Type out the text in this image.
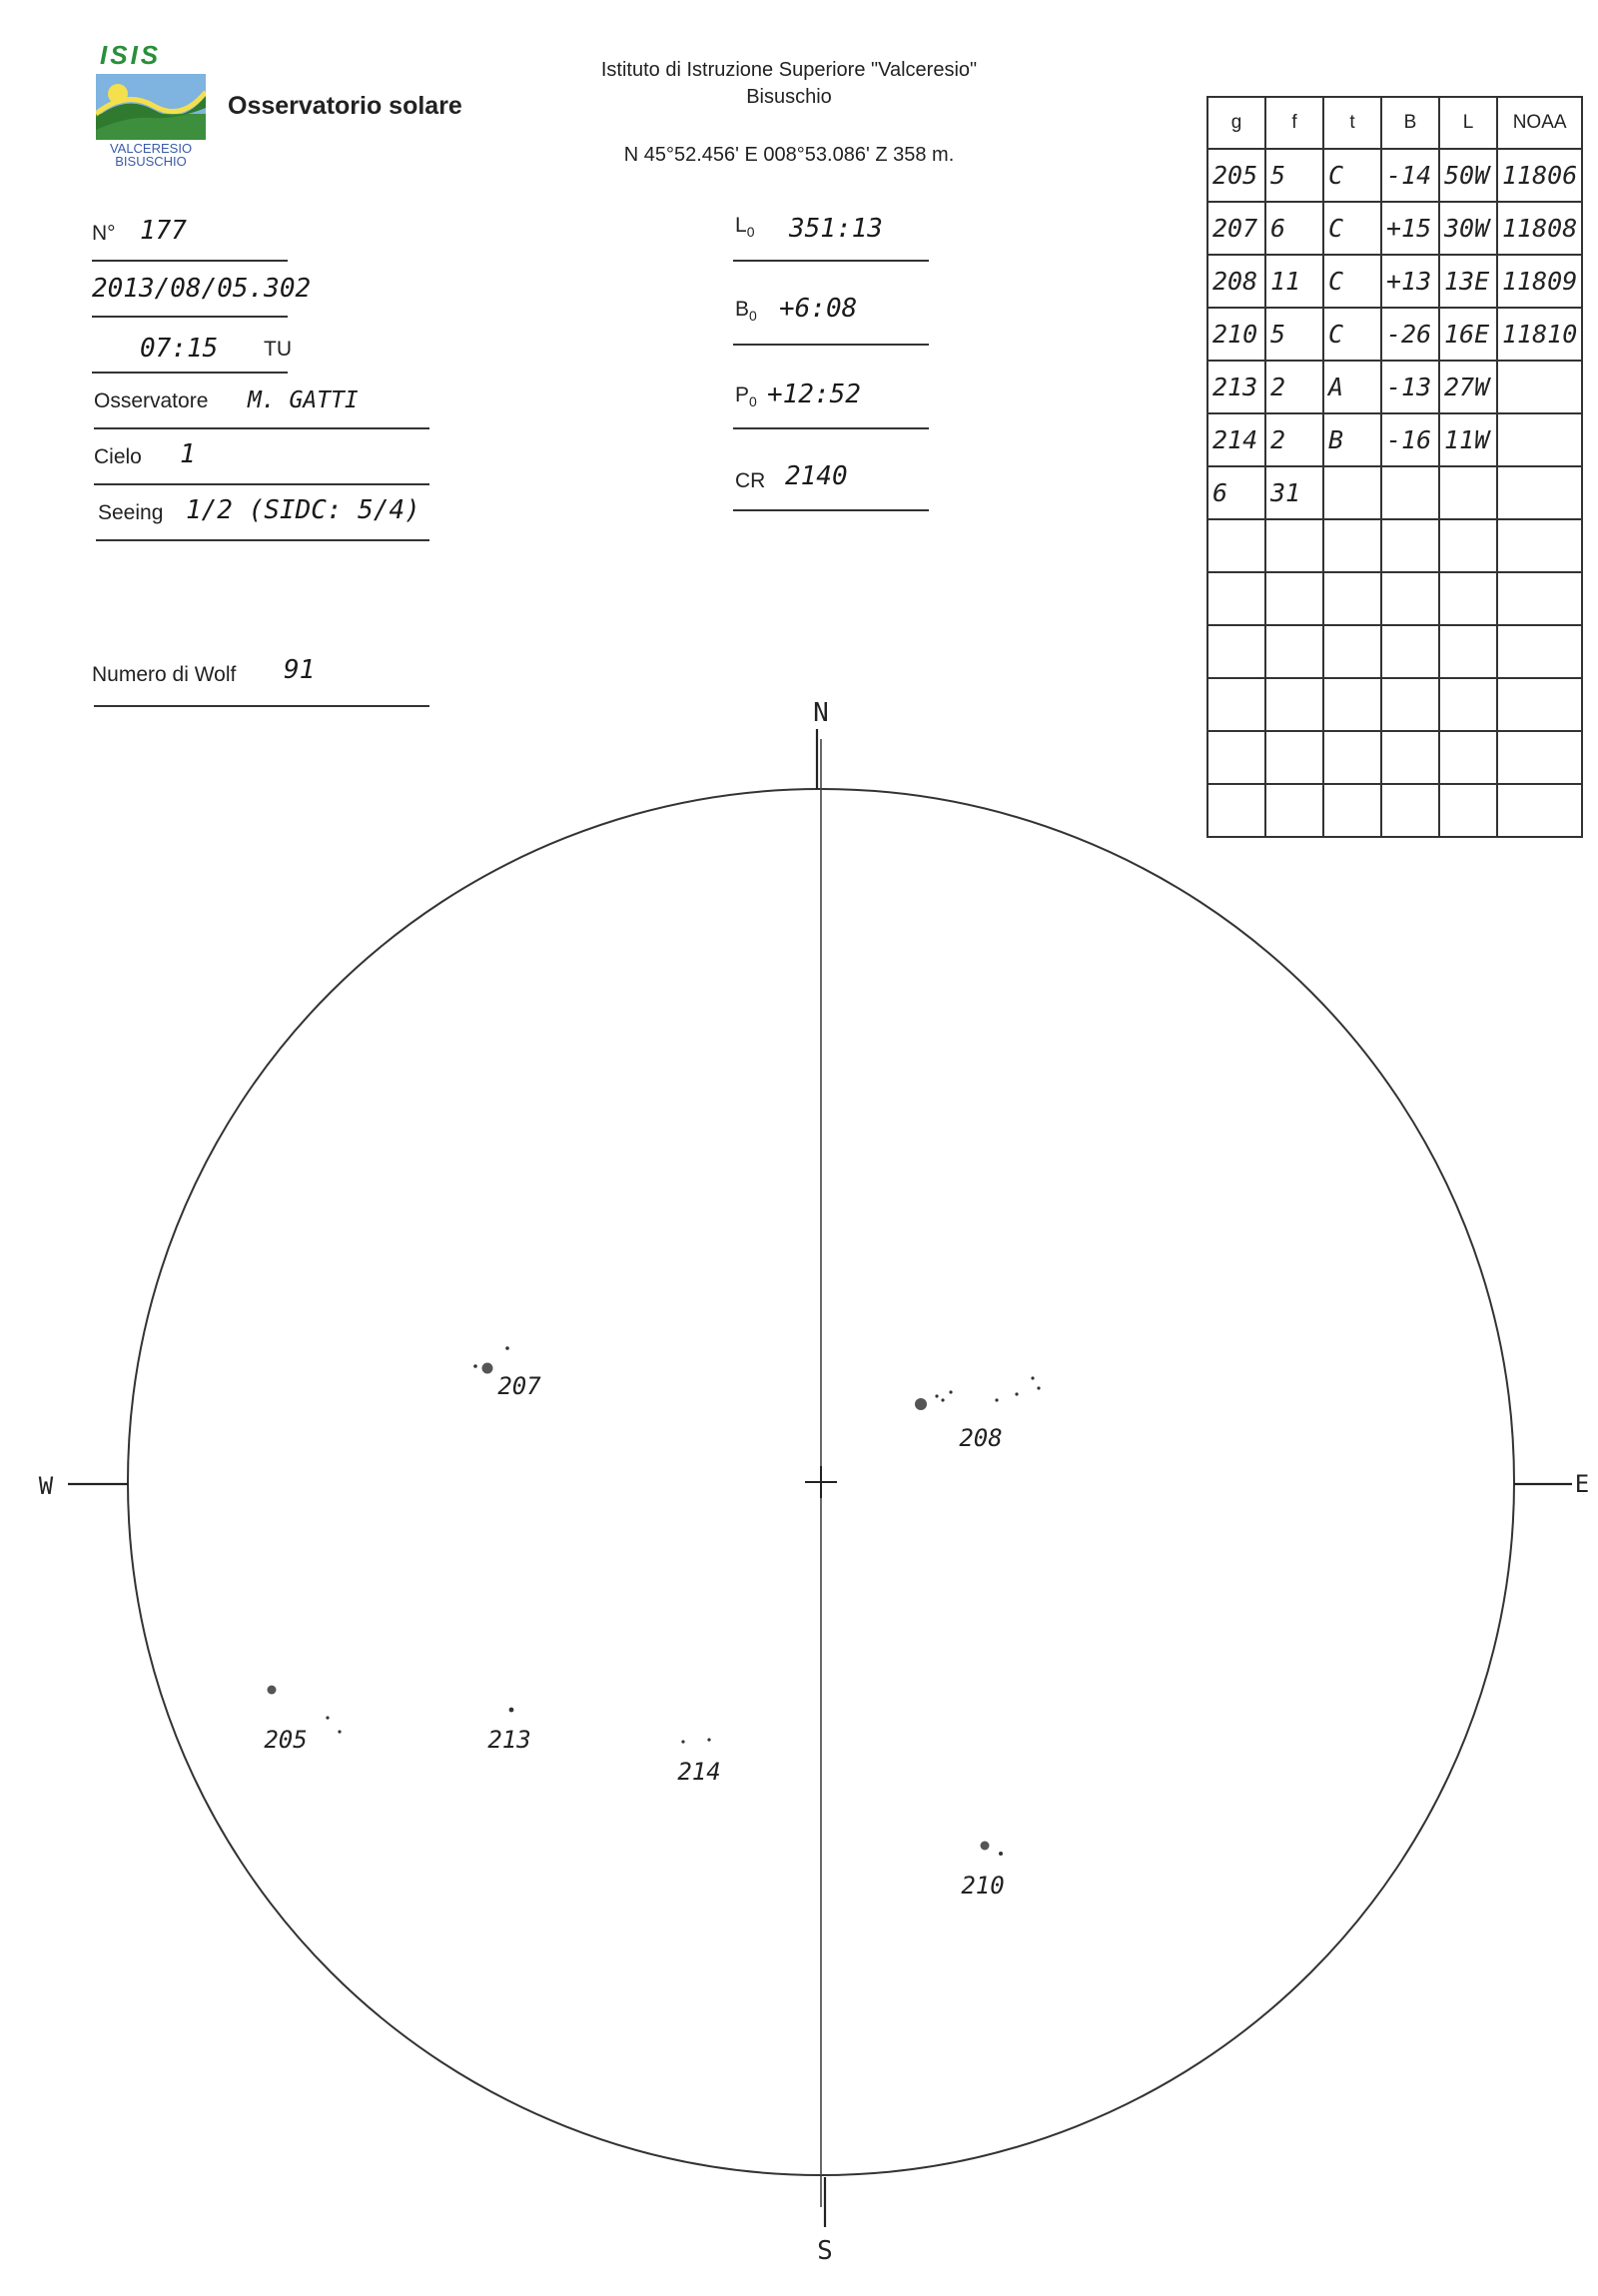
ISIS
VALCERESIO
BISUSCHIO
Osservatorio solare
Istituto di Istruzione Superiore "Valceresio"
Bisuschio
N 45°52.456' E 008°53.086' Z 358 m.
N° 177
2013/08/05.302
07:15 TU
Osservatore M. GATTI
Cielo 1
Seeing 1/2 (SIDC: 5/4)
Numero di Wolf 91
$L_0$ 351:13
$B_0$ +6:08
$P_0$ +12:52
CR 2140
g	f	t	B	L	NOAA
205	5	C	-14	50W	11806
207	6	C	+15	30W	11808
208	11	C	+13	13E	11809
210	5	C	-26	16E	11810
213	2	A	-13	27W	
214	2	B	-16	11W	
6	31				

N
S
W	E
207
208
205	213
214
210
